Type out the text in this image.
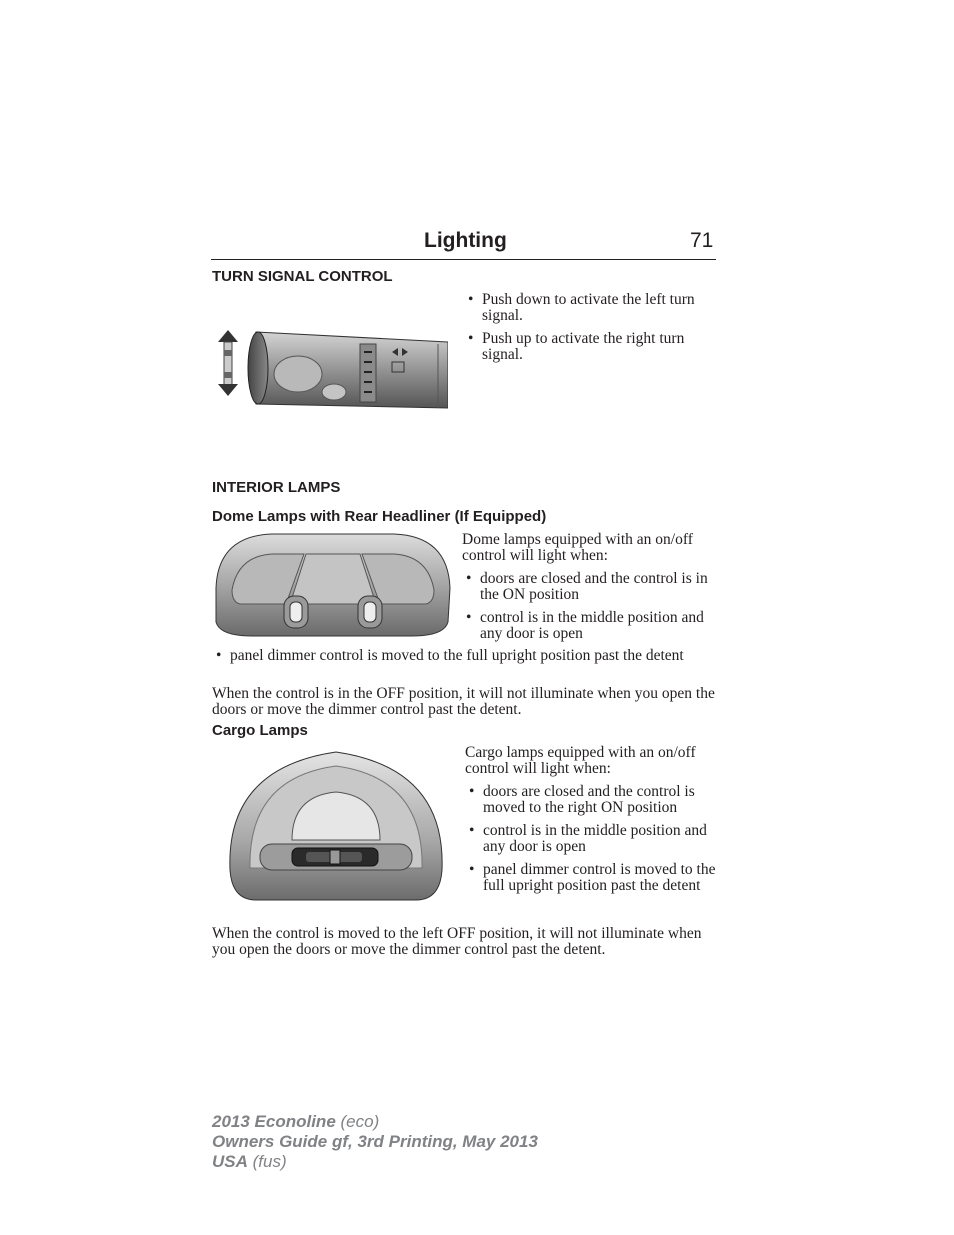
Lighting	71
TURN SIGNAL CONTROL
• Push down to activate the left turn signal.
• Push up to activate the right turn signal.
INTERIOR LAMPS
Dome Lamps with Rear Headliner (If Equipped)
Dome lamps equipped with an on/off control will light when:
• doors are closed and the control is in the ON position
• control is in the middle position and any door is open
• panel dimmer control is moved to the full upright position past the detent
When the control is in the OFF position, it will not illuminate when you open the doors or move the dimmer control past the detent.
Cargo Lamps
Cargo lamps equipped with an on/off control will light when:
• doors are closed and the control is moved to the right ON position
• control is in the middle position and any door is open
• panel dimmer control is moved to the full upright position past the detent
When the control is moved to the left OFF position, it will not illuminate when you open the doors or move the dimmer control past the detent.
2013 Econoline (eco)
Owners Guide gf, 3rd Printing, May 2013
USA (fus)
